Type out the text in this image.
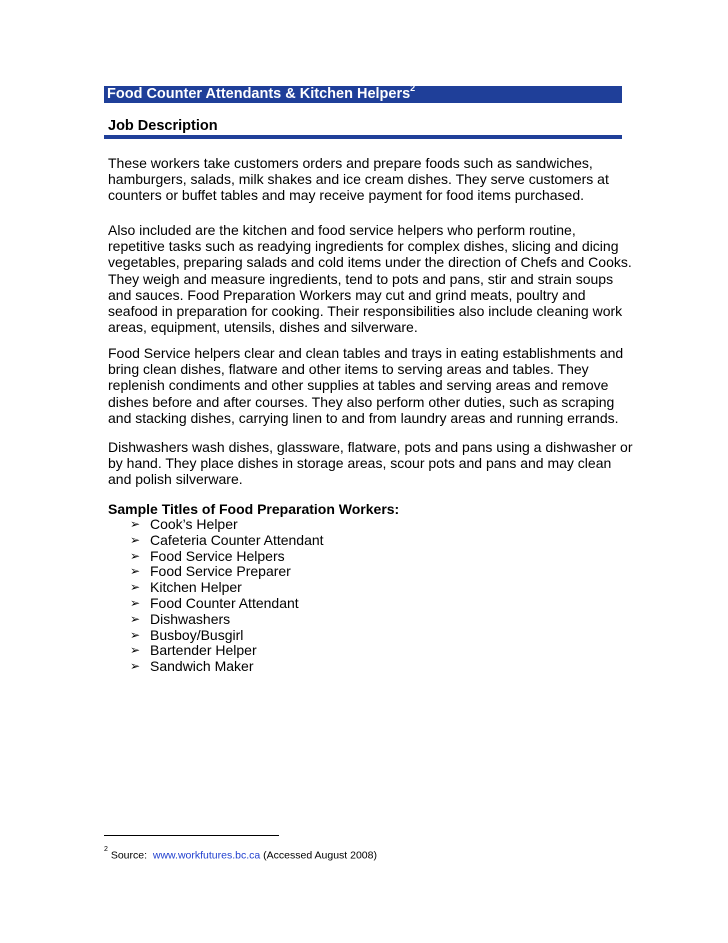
Food Counter Attendants & Kitchen Helpers$^2$
Job Description

These workers take customers orders and prepare foods such as sandwiches,

hamburgers, salads, milk shakes and ice cream dishes. They serve customers at

counters or buffet tables and may receive payment for food items purchased.

Also included are the kitchen and food service helpers who perform routine,

repetitive tasks such as readying ingredients for complex dishes, slicing and dicing

vegetables, preparing salads and cold items under the direction of Chefs and Cooks.

They weigh and measure ingredients, tend to pots and pans, stir and strain soups

and sauces. Food Preparation Workers may cut and grind meats, poultry and

seafood in preparation for cooking. Their responsibilities also include cleaning work

areas, equipment, utensils, dishes and silverware.

Food Service helpers clear and clean tables and trays in eating establishments and

bring clean dishes, flatware and other items to serving areas and tables. They

replenish condiments and other supplies at tables and serving areas and remove

dishes before and after courses. They also perform other duties, such as scraping

and stacking dishes, carrying linen to and from laundry areas and running errands.

Dishwashers wash dishes, glassware, flatware, pots and pans using a dishwasher or

by hand. They place dishes in storage areas, scour pots and pans and may clean

and polish silverware.

Sample Titles of Food Preparation Workers:
➢ Cook’s Helper
➢ Cafeteria Counter Attendant
➢ Food Service Helpers
➢ Food Service Preparer
➢ Kitchen Helper
➢ Food Counter Attendant
➢ Dishwashers
➢ Busboy/Busgirl
➢ Bartender Helper
➢ Sandwich Maker
$^2$ Source: www.workfutures.bc.ca (Accessed August 2008)
